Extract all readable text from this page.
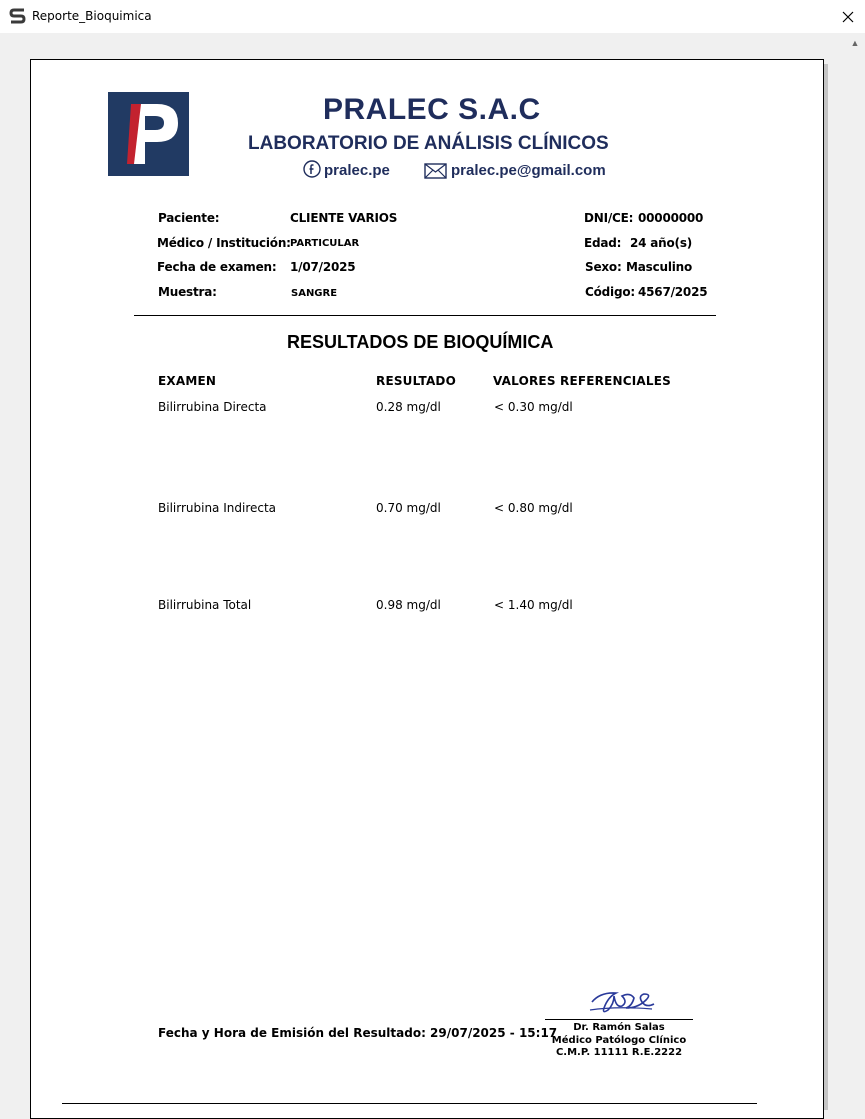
Reporte_Bioquimica
▲
PRALEC S.A.C
LABORATORIO DE ANÁLISIS CLÍNICOS
pralec.pe	pralec.pe@gmail.com
Paciente:	CLIENTE VARIOS
Médico / Institución: PARTICULAR
Fecha de examen: 1/07/2025
Muestra:	SANGRE
DNI/CE: 00000000
Edad: 24 año(s)
Sexo: Masculino
Código: 4567/2025
RESULTADOS DE BIOQUÍMICA
EXAMEN	RESULTADO	VALORES REFERENCIALES
Bilirrubina Directa	0.28 mg/dl	< 0.30 mg/dl
Bilirrubina Indirecta	0.70 mg/dl	< 0.80 mg/dl
Bilirrubina Total	0.98 mg/dl	< 1.40 mg/dl
Fecha y Hora de Emisión del Resultado: 29/07/2025 - 15:17	Dr. Ramón Salas
Médico Patólogo Clínico
C.M.P. 11111 R.E.2222
